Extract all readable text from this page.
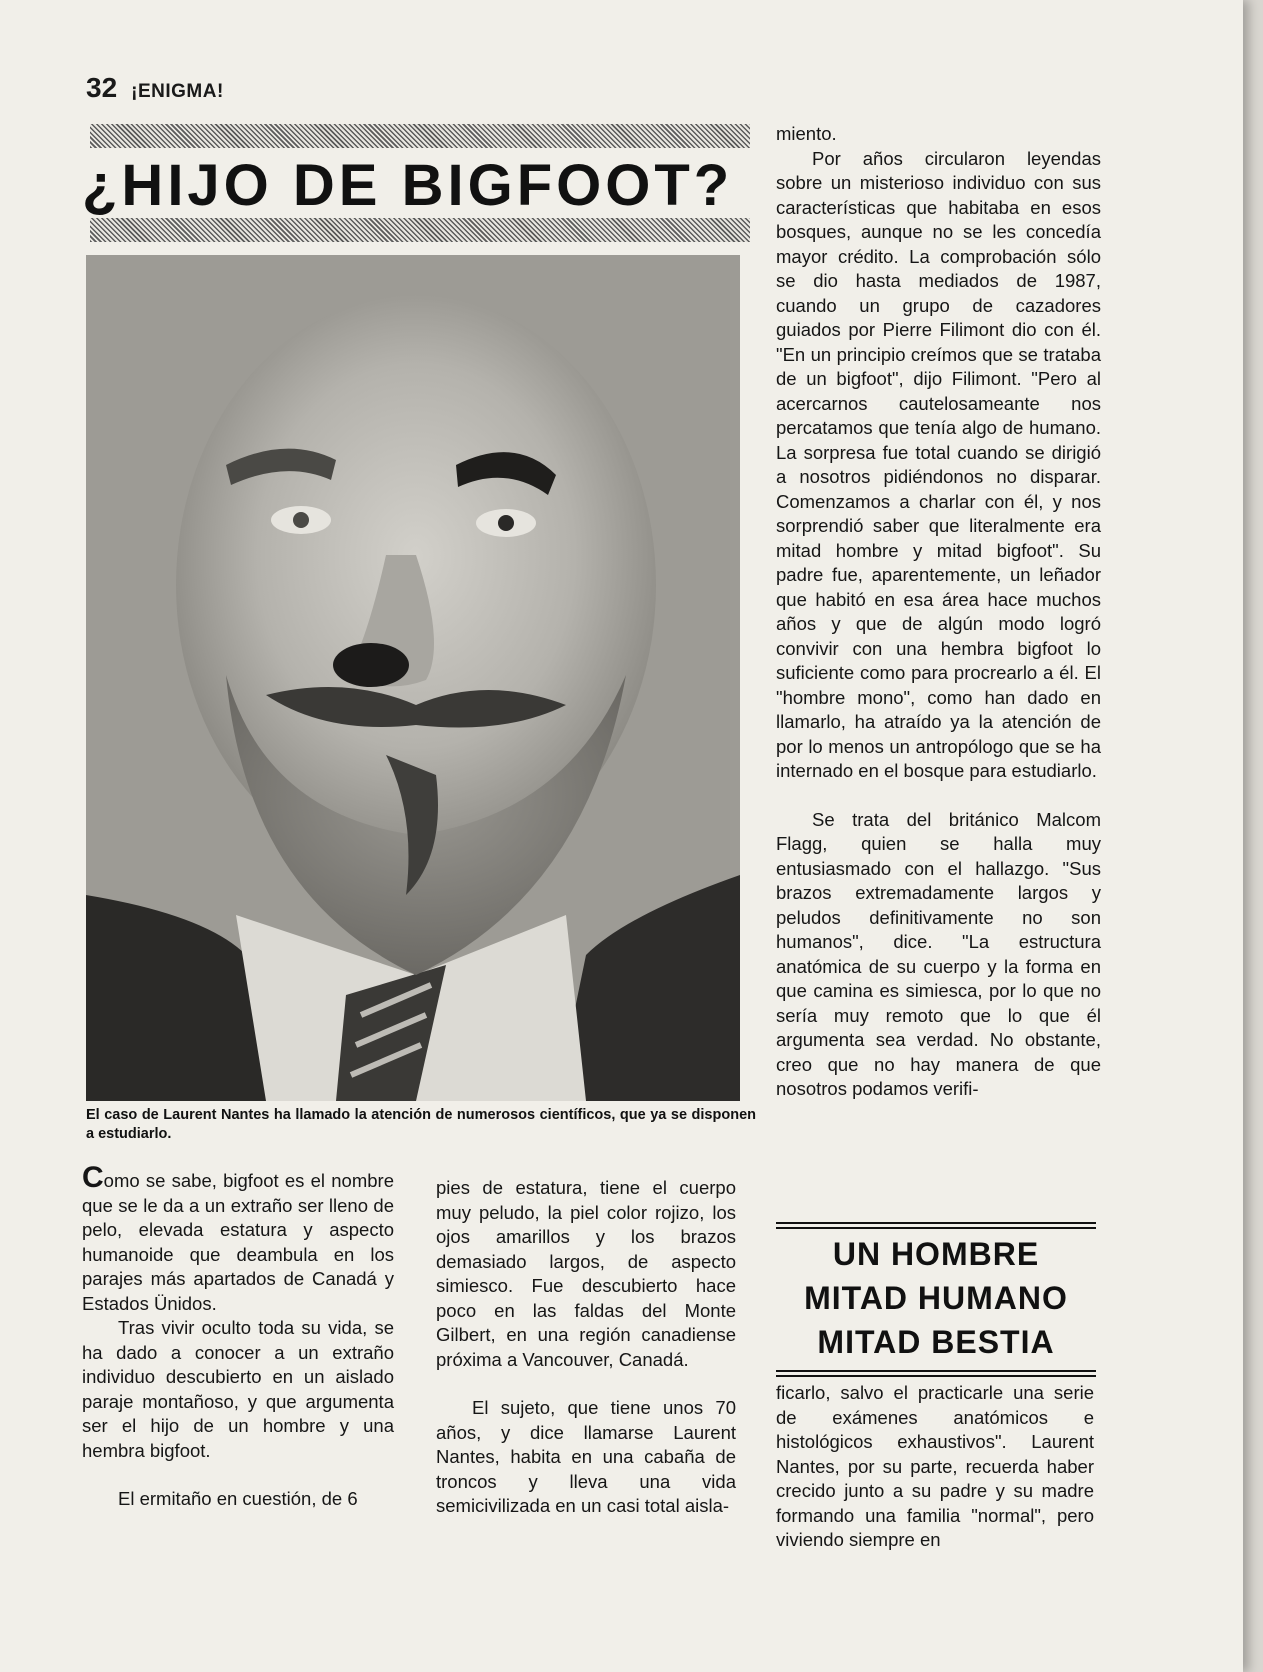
32 ¡ENIGMA!
¿HIJO DE BIGFOOT?
El caso de Laurent Nantes ha llamado la atención de numerosos científicos, que ya se disponen a estudiarlo.

Como se sabe, bigfoot es el nombre que se le da a un extraño ser lleno de pelo, elevada estatura y aspecto humanoide que deambula en los parajes más apartados de Canadá y Estados Ünidos.

Tras vivir oculto toda su vida, se ha dado a conocer a un extraño individuo descubierto en un aislado paraje montañoso, y que argumenta ser el hijo de un hombre y una hembra bigfoot.

El ermitaño en cuestión, de 6

pies de estatura, tiene el cuerpo muy peludo, la piel color rojizo, los ojos amarillos y los brazos demasiado largos, de aspecto simiesco. Fue descubierto hace poco en las faldas del Monte Gilbert, en una región canadiense próxima a Vancouver, Canadá.

El sujeto, que tiene unos 70 años, y dice llamarse Laurent Nantes, habita en una cabaña de troncos y lleva una vida semicivilizada en un casi total aisla-

miento.

Por años circularon leyendas sobre un misterioso individuo con sus características que habitaba en esos bosques, aunque no se les concedía mayor crédito. La comprobación sólo se dio hasta mediados de 1987, cuando un grupo de cazadores guiados por Pierre Filimont dio con él. "En un principio creímos que se trataba de un bigfoot", dijo Filimont. "Pero al acercarnos cautelosameante nos percatamos que tenía algo de humano. La sorpresa fue total cuando se dirigió a nosotros pidiéndonos no disparar. Comenzamos a charlar con él, y nos sorprendió saber que literalmente era mitad hombre y mitad bigfoot". Su padre fue, aparentemente, un leñador que habitó en esa área hace muchos años y que de algún modo logró convivir con una hembra bigfoot lo suficiente como para procrearlo a él. El "hombre mono", como han dado en llamarlo, ha atraído ya la atención de por lo menos un antropólogo que se ha internado en el bosque para estudiarlo.

Se trata del británico Malcom Flagg, quien se halla muy entusiasmado con el hallazgo. "Sus brazos extremadamente largos y peludos definitivamente no son humanos", dice. "La estructura anatómica de su cuerpo y la forma en que camina es simiesca, por lo que no sería muy remoto que lo que él argumenta sea verdad. No obstante, creo que no hay manera de que nosotros podamos verifi-

UN HOMBRE
MITAD HUMANO
MITAD BESTIA

ficarlo, salvo el practicarle una serie de exámenes anatómicos e histológicos exhaustivos". Laurent Nantes, por su parte, recuerda haber crecido junto a su padre y su madre formando una familia "normal", pero viviendo siempre en
